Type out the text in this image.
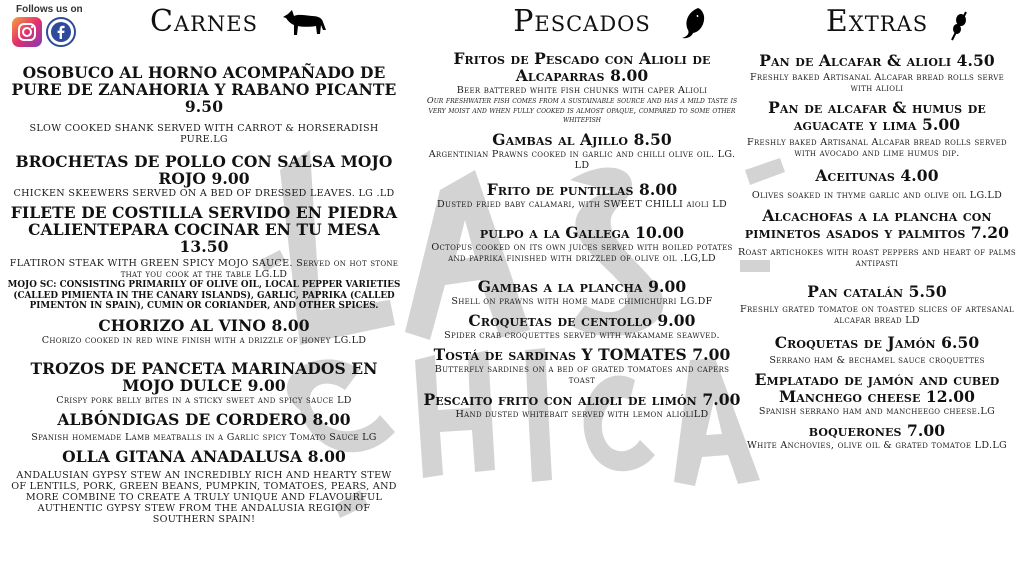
Follows us on	Carnes
OSOBUCO AL HORNO ACOMPAÑADO DE PURE DE ZANAHORIA Y RABANO PICANTE 9.50
SLOW COOKED SHANK SERVED WITH CARROT & HORSERADISH PURE.LG
BROCHETAS DE POLLO CON SALSA MOJO ROJO 9.00
CHICKEN SKEEWERS SERVED ON A BED OF DRESSED LEAVES. LG .LD
FILETE DE COSTILLA SERVIDO EN PIEDRA CALIENTEPARA COCINAR EN TU MESA 13.50
FLATIRON STEAK WITH GREEN SPICY MOJO SAUCE. Served on hot stone that you cook at the table LG.LD
MOJO SC: CONSISTING PRIMARILY OF OLIVE OIL, LOCAL PEPPER VARIETIES (CALLED PIMIENTA IN THE CANARY ISLANDS), GARLIC, PAPRIKA (CALLED PIMENTÓN IN SPAIN), CUMIN OR CORIANDER, AND OTHER SPICES.
CHORIZO AL VINO 8.00
Chorizo cooked in red wine finish with a drizzle of honey LG.LD
TROZOS DE PANCETA MARINADOS EN MOJO DULCE 9.00
Crispy pork belly bites in a sticky sweet and spicy sauce LD
ALBÓNDIGAS DE CORDERO 8.00
Spanish homemade Lamb meatballs in a Garlic spicy Tomato Sauce LG
OLLA GITANA ANADALUSA 8.00
ANDALUSIAN GYPSY STEW AN INCREDIBLY RICH AND HEARTY STEW OF LENTILS, PORK, GREEN BEANS, PUMPKIN, TOMATOES, PEARS, AND MORE COMBINE TO CREATE A TRULY UNIQUE AND FLAVOURFUL AUTHENTIC GYPSY STEW FROM THE ANDALUSIA REGION OF SOUTHERN SPAIN!
Pescados
Fritos de Pescado con Alioli de Alcaparras 8.00
Beer battered white fish chunks with caper Alioli
Our freshwater fish comes from a sustainable source and has a mild taste is very moist and when fully cooked is almost opaque, compared to some other whitefish
Gambas al Ajillo 8.50
Argentinian Prawns cooked in garlic and chilli olive oil. LG. LD
Frito de puntillas 8.00
Dusted fried baby calamari, with SWEET CHILLI aioli LD
pulpo a la Gallega 10.00
Octopus cooked on its own juices served with boiled potates and paprika finished with drizzled of olive oil .LG,LD
Gambas a la plancha 9.00
Shell on prawns with home made chimichurri LG.DF
Croquetas de centollo 9.00
Spider crab croquettes served with wakamame seawved.
Tostá de sardinas Y TOMATES 7.00
Butterfly sardines on a bed of grated tomatoes and capers toast
Pescaito frito con alioli de limón 7.00
Hand dusted whitebait served with lemon alioliLD
Extras
Pan de Alcafar & alioli 4.50
Freshly baked Artisanal Alcafar bread rolls serve with alioli
Pan de alcafar & humus de aguacate y lima 5.00
Freshly baked Artisanal Alcafar bread rolls served with avocado and lime humus dip.
Aceitunas 4.00
Olives soaked in thyme garlic and olive oil LG.LD
Alcachofas a la plancha con piminetos asados y palmitos 7.20
Roast artichokes with roast peppers and heart of palms antipasti
Pan catalán 5.50
Freshly grated tomatoe on toasted slices of artesanal alcafar bread LD
Croquetas de Jamón 6.50
Serrano ham & bechamel sauce croquettes
Emplatado de jamón and cubed Manchego cheese 12.00
Spanish serrano ham and mancheego cheese.LG
boquerones 7.00
White Anchovies, olive oil & grated tomatoe LD.LG
